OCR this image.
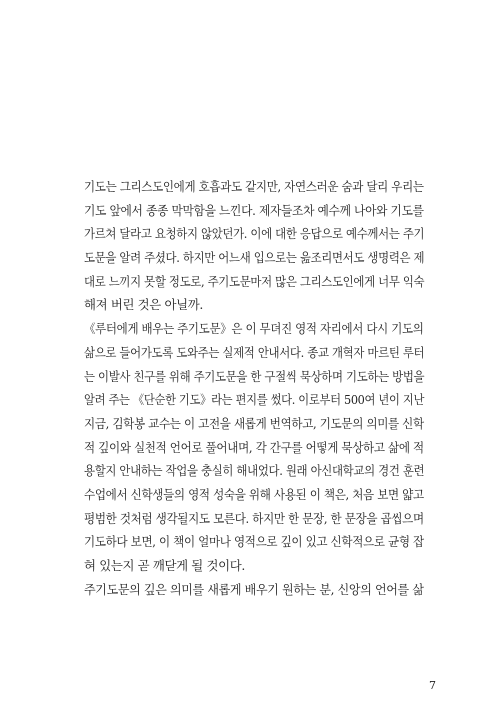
기도는 그리스도인에게 호흡과도 같지만, 자연스러운 숨과 달리 우리는
기도 앞에서 종종 막막함을 느낀다. 제자들조차 예수께 나아와 기도를
가르쳐 달라고 요청하지 않았던가. 이에 대한 응답으로 예수께서는 주기
도문을 알려 주셨다. 하지만 어느새 입으로는 읊조리면서도 생명력은 제
대로 느끼지 못할 정도로, 주기도문마저 많은 그리스도인에게 너무 익숙
해져 버린 것은 아닐까.
《루터에게 배우는 주기도문》은 이 무뎌진 영적 자리에서 다시 기도의
삶으로 들어가도록 도와주는 실제적 안내서다. 종교 개혁자 마르틴 루터
는 이발사 친구를 위해 주기도문을 한 구절씩 묵상하며 기도하는 방법을
알려 주는 《단순한 기도》라는 편지를 썼다. 이로부터 500여 년이 지난
지금, 김학봉 교수는 이 고전을 새롭게 번역하고, 기도문의 의미를 신학
적 깊이와 실천적 언어로 풀어내며, 각 간구를 어떻게 묵상하고 삶에 적
용할지 안내하는 작업을 충실히 해내었다. 원래 아신대학교의 경건 훈련
수업에서 신학생들의 영적 성숙을 위해 사용된 이 책은, 처음 보면 얇고
평범한 것처럼 생각될지도 모른다. 하지만 한 문장, 한 문장을 곱씹으며
기도하다 보면, 이 책이 얼마나 영적으로 깊이 있고 신학적으로 균형 잡
혀 있는지 곧 깨닫게 될 것이다.
주기도문의 깊은 의미를 새롭게 배우기 원하는 분, 신앙의 언어를 삶
7
